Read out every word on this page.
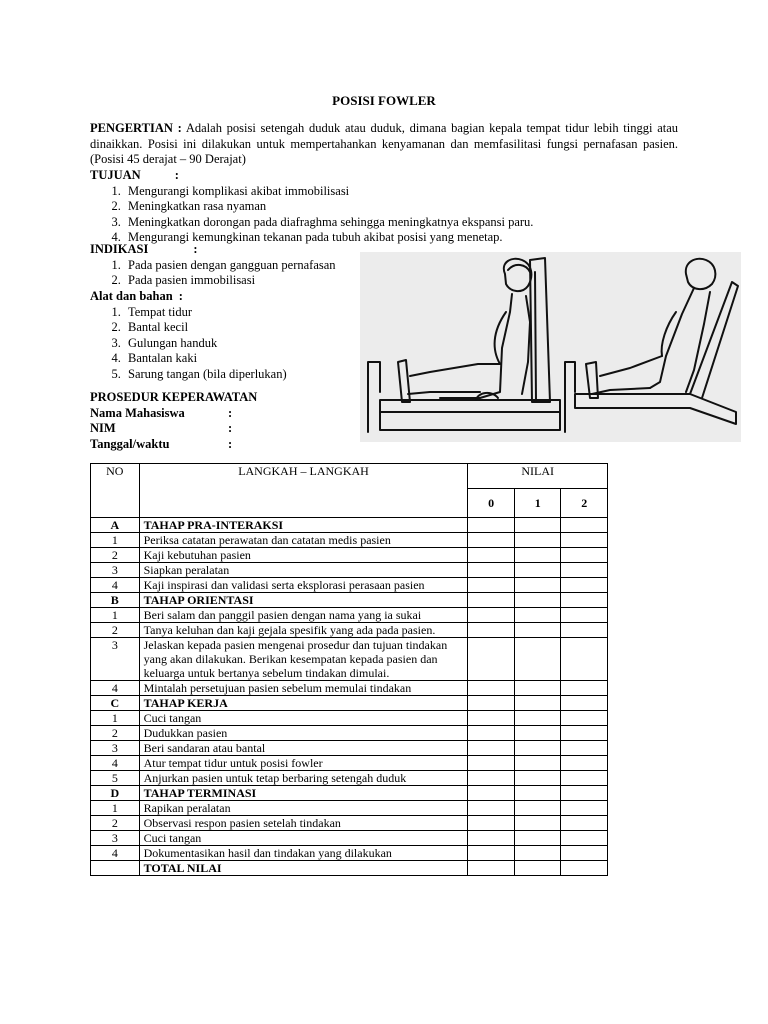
POSISI FOWLER
PENGERTIAN : Adalah posisi setengah duduk atau duduk, dimana bagian kepala tempat tidur lebih tinggi atau dinaikkan. Posisi ini dilakukan untuk mempertahankan kenyamanan dan memfasilitasi fungsi pernafasan pasien. (Posisi 45 derajat – 90 Derajat)
TUJUAN	:
1. Mengurangi komplikasi akibat immobilisasi
2. Meningkatkan rasa nyaman
3. Meningkatkan dorongan pada diafraghma sehingga meningkatnya ekspansi paru.
4. Mengurangi kemungkinan tekanan pada tubuh akibat posisi yang menetap.
INDIKASI	:
1. Pada pasien dengan gangguan pernafasan
2. Pada pasien immobilisasi
Alat dan bahan :
1. Tempat tidur
2. Bantal kecil
3. Gulungan handuk
4. Bantalan kaki
5. Sarung tangan (bila diperlukan)
PROSEDUR KEPERAWATAN
Nama Mahasiswa	:
NIM	:
Tanggal/waktu	:
NO	LANGKAH – LANGKAH	NILAI		
		0	1	2
A	TAHAP PRA-INTERAKSI			
1	Periksa catatan perawatan dan catatan medis pasien			
2	Kaji kebutuhan pasien			
3	Siapkan peralatan			
4	Kaji inspirasi dan validasi serta eksplorasi perasaan pasien			
B	TAHAP ORIENTASI			
1	Beri salam dan panggil pasien dengan nama yang ia sukai			
2	Tanya keluhan dan kaji gejala spesifik yang ada pada pasien.			
3	Jelaskan kepada pasien mengenai prosedur dan tujuan tindakan yang akan dilakukan. Berikan kesempatan kepada pasien dan keluarga untuk bertanya sebelum tindakan dimulai.			
4	Mintalah persetujuan pasien sebelum memulai tindakan			
C	TAHAP KERJA			
1	Cuci tangan			
2	Dudukkan pasien			
3	Beri sandaran atau bantal			
4	Atur tempat tidur untuk posisi fowler			
5	Anjurkan pasien untuk tetap berbaring setengah duduk			
D	TAHAP TERMINASI			
1	Rapikan peralatan			
2	Observasi respon pasien setelah tindakan			
3	Cuci tangan			
4	Dokumentasikan hasil dan tindakan yang dilakukan			
	TOTAL NILAI			
